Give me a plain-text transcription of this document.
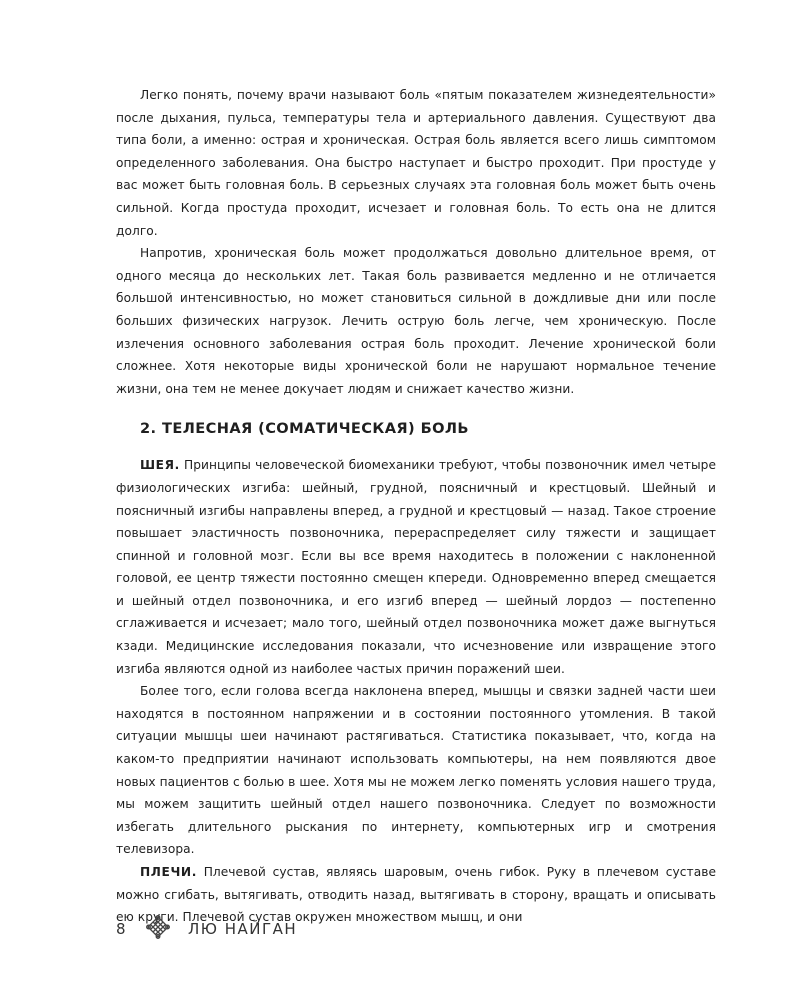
Легко понять, почему врачи называют боль «пятым показателем жизнедеятельности» после дыхания, пульса, температуры тела и артериального давления. Существуют два типа боли, а именно: острая и хроническая. Острая боль является всего лишь симптомом определенного заболевания. Она быстро наступает и быстро проходит. При простуде у вас может быть головная боль. В серьезных случаях эта головная боль может быть очень сильной. Когда простуда проходит, исчезает и головная боль. То есть она не длится долго.

Напротив, хроническая боль может продолжаться довольно длительное время, от одного месяца до нескольких лет. Такая боль развивается медленно и не отличается большой интенсивностью, но может становиться сильной в дождливые дни или после больших физических нагрузок. Лечить острую боль легче, чем хроническую. После излечения основного заболевания острая боль проходит. Лечение хронической боли сложнее. Хотя некоторые виды хронической боли не нарушают нормальное течение жизни, она тем не менее докучает людям и снижает качество жизни.

2. ТЕЛЕСНАЯ (СОМАТИЧЕСКАЯ) БОЛЬ

ШЕЯ. Принципы человеческой биомеханики требуют, чтобы позвоночник имел четыре физиологических изгиба: шейный, грудной, поясничный и крестцовый. Шейный и поясничный изгибы направлены вперед, а грудной и крестцовый — назад. Такое строение повышает эластичность позвоночника, перераспределяет силу тяжести и защищает спинной и головной мозг. Если вы все время находитесь в положении с наклоненной головой, ее центр тяжести постоянно смещен кпереди. Одновременно вперед смещается и шейный отдел позвоночника, и его изгиб вперед — шейный лордоз — постепенно сглаживается и исчезает; мало того, шейный отдел позвоночника может даже выгнуться кзади. Медицинские исследования показали, что исчезновение или извращение этого изгиба являются одной из наиболее частых причин поражений шеи.

Более того, если голова всегда наклонена вперед, мышцы и связки задней части шеи находятся в постоянном напряжении и в состоянии постоянного утомления. В такой ситуации мышцы шеи начинают растягиваться. Статистика показывает, что, когда на каком-то предприятии начинают использовать компьютеры, на нем появляются двое новых пациентов с болью в шее. Хотя мы не можем легко поменять условия нашего труда, мы можем защитить шейный отдел нашего позвоночника. Следует по возможности избегать длительного рыскания по интернету, компьютерных игр и смотрения телевизора.

ПЛЕЧИ. Плечевой сустав, являясь шаровым, очень гибок. Руку в плечевом суставе можно сгибать, вытягивать, отводить назад, вытягивать в сторону, вращать и описывать ею круги. Плечевой сустав окружен множеством мышц, и они

8	ЛЮ НАЙГАН
